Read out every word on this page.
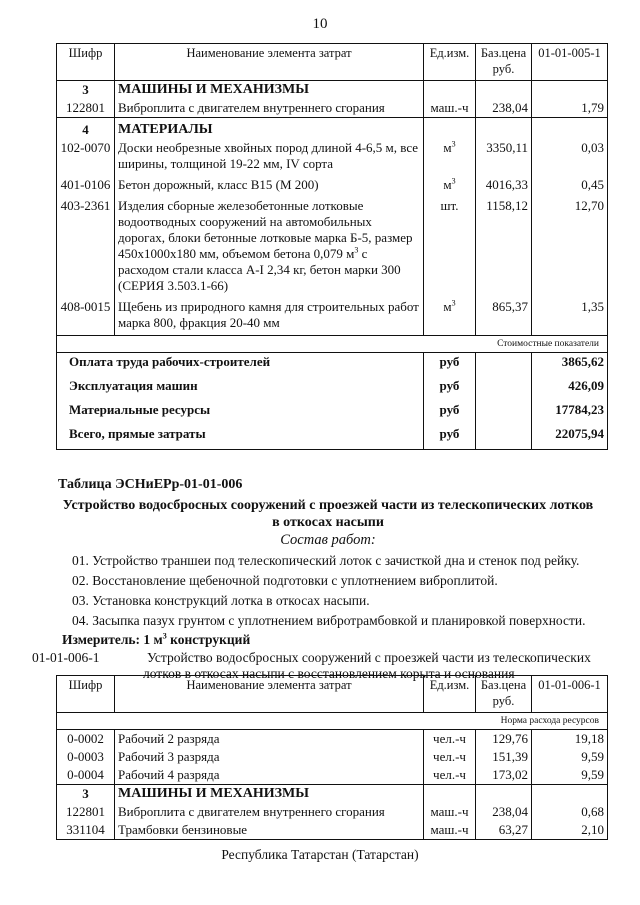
10
Шифр	Наименование элемента затрат	Ед.изм.	Баз.цена руб.	01-01-005-1
3	МАШИНЫ И МЕХАНИЗМЫ			
122801	Виброплита с двигателем внутреннего сгорания	маш.-ч	238,04	1,79
4	МАТЕРИАЛЫ			
102-0070	Доски необрезные хвойных пород длиной 4-6,5 м, все ширины, толщиной 19-22 мм, IV сорта	$м^3$	3350,11	0,03
401-0106	Бетон дорожный, класс В15 (М 200)	$м^3$	4016,33	0,45
403-2361	Изделия сборные железобетонные лотковые водоотводных сооружений на автомобильных дорогах, блоки бетонные лотковые марка Б-5, размер 450х1000х180 мм, объемом бетона 0,079 $м^3$ с расходом стали класса А-I 2,34 кг, бетон марки 300 (СЕРИЯ 3.503.1-66)	шт.	1158,12	12,70
408-0015	Щебень из природного камня для строительных работ марка 800, фракция 20-40 мм	$м^3$	865,37	1,35
Стоимостные показатели				
Оплата труда рабочих-строителей		руб		3865,62
Эксплуатация машин		руб		426,09
Материальные ресурсы		руб		17784,23
Всего, прямые затраты		руб		22075,94
Таблица ЭСНиЕРр-01-01-006
Устройство водосбросных сооружений с проезжей части из телескопических лотков в откосах насыпи
Состав работ:
01. Устройство траншеи под телескопический лоток с зачисткой дна и стенок под рейку.
02. Восстановление щебеночной подготовки с уплотнением виброплитой.
03. Установка конструкций лотка в откосах насыпи.
04. Засыпка пазух грунтом с уплотнением вибротрамбовкой и планировкой поверхности.
Измеритель: 1 $м^3$ конструкций
01-01-006-1	Устройство водосбросных сооружений с проезжей части из телескопических лотков в откосах насыпи с восстановлением корыта и основания
Шифр	Наименование элемента затрат	Ед.изм.	Баз.цена руб.	01-01-006-1
Норма расхода ресурсов				
0-0002	Рабочий 2 разряда	чел.-ч	129,76	19,18
0-0003	Рабочий 3 разряда	чел.-ч	151,39	9,59
0-0004	Рабочий 4 разряда	чел.-ч	173,02	9,59
3	МАШИНЫ И МЕХАНИЗМЫ			
122801	Виброплита с двигателем внутреннего сгорания	маш.-ч	238,04	0,68
331104	Трамбовки бензиновые	маш.-ч	63,27	2,10
Республика Татарстан (Татарстан)
